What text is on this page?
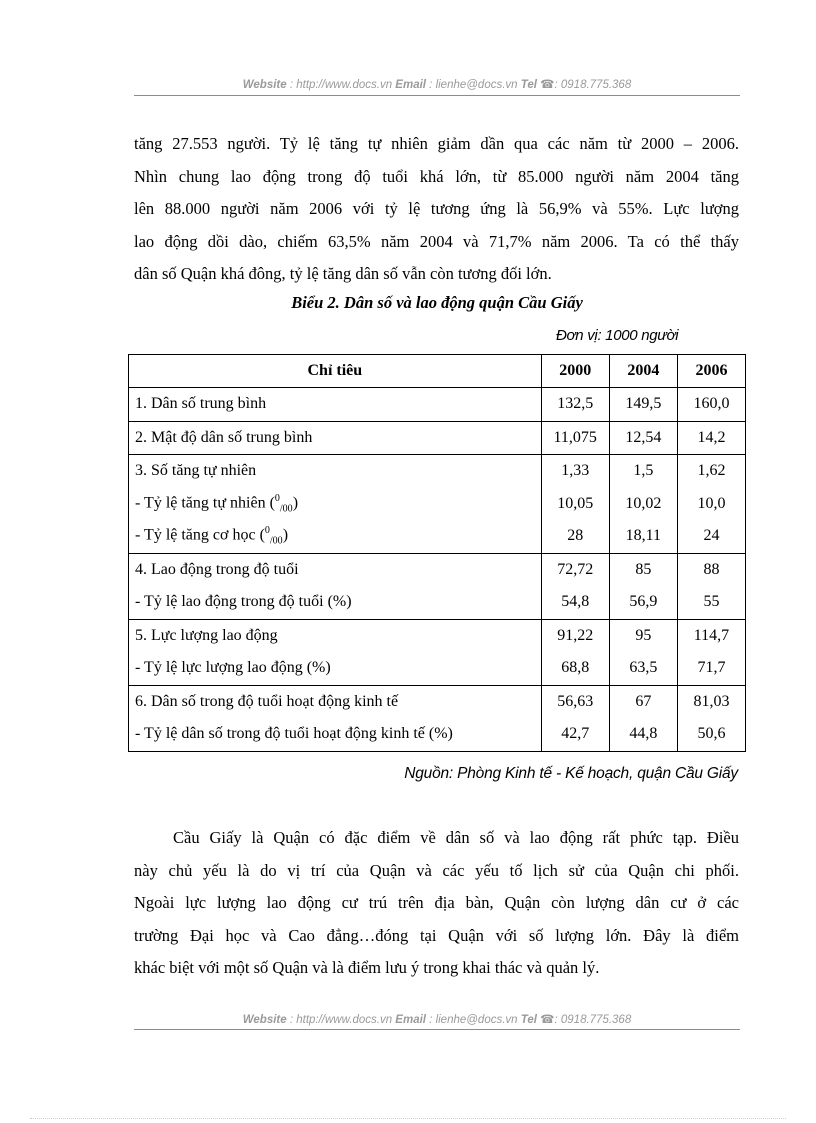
Website : http://www.docs.vn Email : lienhe@docs.vn Tel ☎: 0918.775.368
tăng 27.553 người. Tỷ lệ tăng tự nhiên giảm dần qua các năm từ 2000 – 2006.
Nhìn chung lao động trong độ tuổi khá lớn, từ 85.000 người năm 2004 tăng
lên 88.000 người năm 2006 với tỷ lệ tương ứng là 56,9% và 55%. Lực lượng
lao động dồi dào, chiếm 63,5% năm 2004 và 71,7% năm 2006. Ta có thể thấy
dân số Quận khá đông, tỷ lệ tăng dân số vẫn còn tương đối lớn.
Biểu 2. Dân số và lao động quận Cầu Giấy
Đơn vị: 1000 người
Chỉ tiêu	2000	2004	2006
1. Dân số trung bình	132,5	149,5	160,0
2. Mật độ dân số trung bình	11,075	12,54	14,2
3. Số tăng tự nhiên	1,33	1,5	1,62
- Tỷ lệ tăng tự nhiên ($^0_{/00}$)	10,05	10,02	10,0
- Tỷ lệ tăng cơ học ($^0_{/00}$)	28	18,11	24
4. Lao động trong độ tuổi	72,72	85	88
- Tỷ lệ lao động trong độ tuổi (%)	54,8	56,9	55
5. Lực lượng lao động	91,22	95	114,7
- Tỷ lệ lực lượng lao động (%)	68,8	63,5	71,7
6. Dân số trong độ tuổi hoạt động kinh tế	56,63	67	81,03
- Tỷ lệ dân số trong độ tuổi hoạt động kinh tế (%)	42,7	44,8	50,6
Nguồn: Phòng Kinh tế - Kế hoạch, quận Cầu Giấy
Cầu Giấy là Quận có đặc điểm về dân số và lao động rất phức tạp. Điều
này chủ yếu là do vị trí của Quận và các yếu tố lịch sử của Quận chi phối.
Ngoài lực lượng lao động cư trú trên địa bàn, Quận còn lượng dân cư ở các
trường Đại học và Cao đẳng…đóng tại Quận với số lượng lớn. Đây là điểm
khác biệt với một số Quận và là điểm lưu ý trong khai thác và quản lý.
Website : http://www.docs.vn Email : lienhe@docs.vn Tel ☎: 0918.775.368
